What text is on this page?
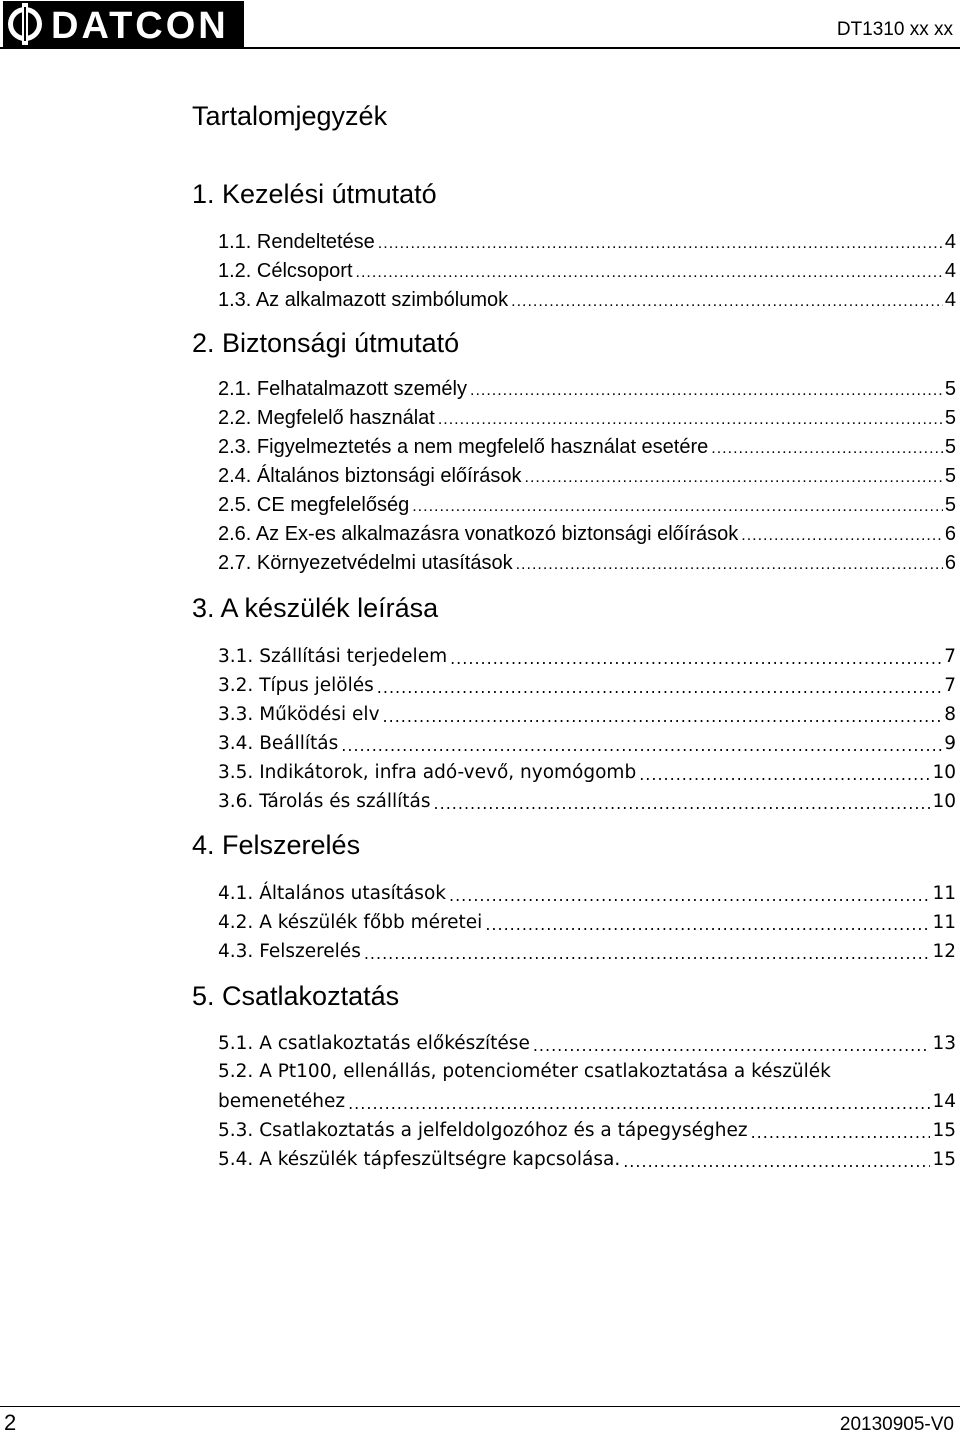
DATCON	DT1310 xx xx
Tartalomjegyzék
1. Kezelési útmutató
1.1. Rendeltetése .....	4
1.2. Célcsoport .....	4
1.3. Az alkalmazott szimbólumok .....	4
2. Biztonsági útmutató
2.1. Felhatalmazott személy .....	5
2.2. Megfelelő használat .....	5
2.3. Figyelmeztetés a nem megfelelő használat esetére .....	5
2.4. Általános biztonsági előírások .....	5
2.5. CE megfelelőség .....	5
2.6. Az Ex-es alkalmazásra vonatkozó biztonsági előírások .....	6
2.7. Környezetvédelmi utasítások .....	6
3. A készülék leírása
3.1. Szállítási terjedelem .....	7
3.2. Típus jelölés .....	7
3.3. Működési elv .....	8
3.4. Beállítás .....	9
3.5. Indikátorok, infra adó-vevő, nyomógomb .....	10
3.6. Tárolás és szállítás .....	10
4. Felszerelés
4.1. Általános utasítások .....	11
4.2. A készülék főbb méretei .....	11
4.3. Felszerelés .....	12
5. Csatlakoztatás
5.1. A csatlakoztatás előkészítése .....	13
5.2. A Pt100, ellenállás, potenciométer csatlakoztatása a készülék
bemenetéhez .....	14
5.3. Csatlakoztatás a jelfeldolgozóhoz és a tápegységhez .....	15
5.4. A készülék tápfeszültségre kapcsolása. .....	15
2	20130905-V0
